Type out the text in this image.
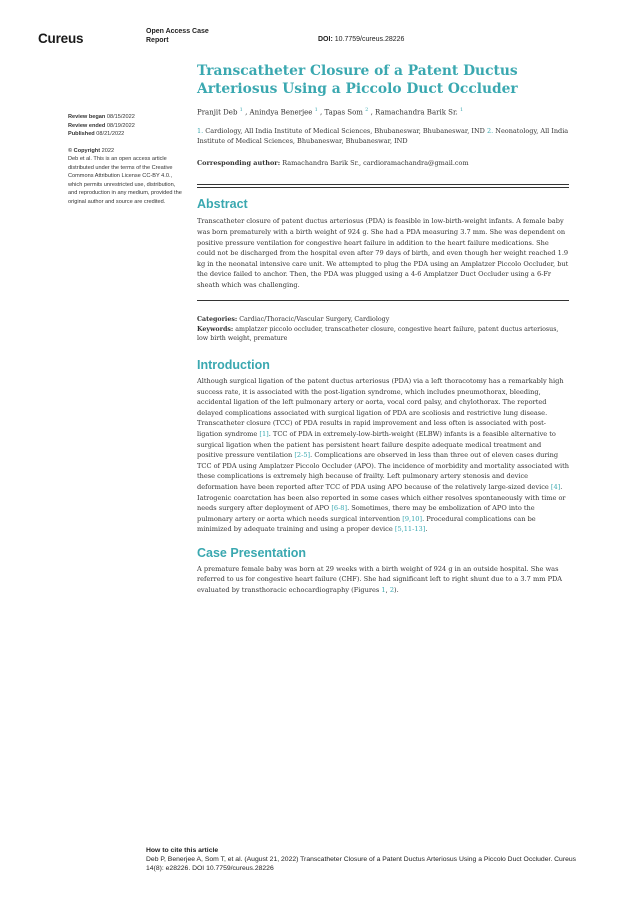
Cureus	Open Access Case Report	DOI: 10.7759/cureus.28226
Review began 08/15/2022
Review ended 08/19/2022
Published 08/21/2022
© Copyright 2022
Deb et al. This is an open access article distributed under the terms of the Creative Commons Attribution License CC-BY 4.0., which permits unrestricted use, distribution, and reproduction in any medium, provided the original author and source are credited.
Transcatheter Closure of a Patent Ductus Arteriosus Using a Piccolo Duct Occluder
Pranjit Deb $^1$ , Anindya Benerjee $^1$ , Tapas Som $^2$ , Ramachandra Barik Sr. $^1$
1. Cardiology, All India Institute of Medical Sciences, Bhubaneswar, Bhubaneswar, IND 2. Neonatology, All India Institute of Medical Sciences, Bhubaneswar, Bhubaneswar, IND
Corresponding author: Ramachandra Barik Sr., cardioramachandra@gmail.com
Abstract

Transcatheter closure of patent ductus arteriosus (PDA) is feasible in low-birth-weight infants. A female baby was born prematurely with a birth weight of 924 g. She had a PDA measuring 3.7 mm. She was dependent on positive pressure ventilation for congestive heart failure in addition to the heart failure medications. She could not be discharged from the hospital even after 79 days of birth, and even though her weight reached 1.9 kg in the neonatal intensive care unit. We attempted to plug the PDA using an Amplatzer Piccolo Occluder, but the device failed to anchor. Then, the PDA was plugged using a 4-6 Amplatzer Duct Occluder using a 6-Fr sheath which was challenging.

Categories: Cardiac/Thoracic/Vascular Surgery, Cardiology
Keywords: amplatzer piccolo occluder, transcatheter closure, congestive heart failure, patent ductus arteriosus, low birth weight, premature
Introduction

Although surgical ligation of the patent ductus arteriosus (PDA) via a left thoracotomy has a remarkably high success rate, it is associated with the post-ligation syndrome, which includes pneumothorax, bleeding, accidental ligation of the left pulmonary artery or aorta, vocal cord palsy, and chylothorax. The reported delayed complications associated with surgical ligation of PDA are scoliosis and restrictive lung disease. Transcatheter closure (TCC) of PDA results in rapid improvement and less often is associated with post-ligation syndrome [1]. TCC of PDA in extremely-low-birth-weight (ELBW) infants is a feasible alternative to surgical ligation when the patient has persistent heart failure despite adequate medical treatment and positive pressure ventilation [2-5]. Complications are observed in less than three out of eleven cases during TCC of PDA using Amplatzer Piccolo Occluder (APO). The incidence of morbidity and mortality associated with these complications is extremely high because of frailty. Left pulmonary artery stenosis and device deformation have been reported after TCC of PDA using APO because of the relatively large-sized device [4]. Iatrogenic coarctation has been also reported in some cases which either resolves spontaneously with time or needs surgery after deployment of APO [6-8]. Sometimes, there may be embolization of APO into the pulmonary artery or aorta which needs surgical intervention [9,10]. Procedural complications can be minimized by adequate training and using a proper device [5,11-13].

Case Presentation

A premature female baby was born at 29 weeks with a birth weight of 924 g in an outside hospital. She was referred to us for congestive heart failure (CHF). She had significant left to right shunt due to a 3.7 mm PDA evaluated by transthoracic echocardiography (Figures 1, 2).

How to cite this article
Deb P, Benerjee A, Som T, et al. (August 21, 2022) Transcatheter Closure of a Patent Ductus Arteriosus Using a Piccolo Duct Occluder. Cureus 14(8): e28226. DOI 10.7759/cureus.28226
